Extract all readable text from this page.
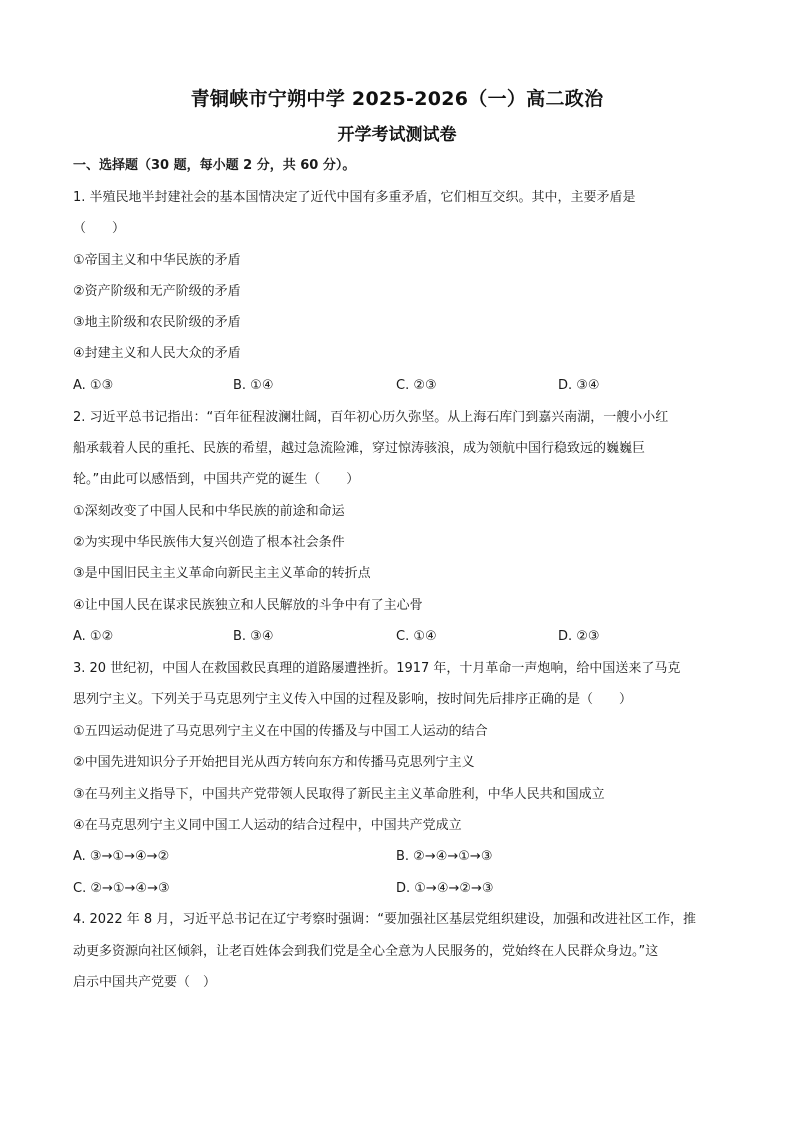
青铜峡市宁朔中学 2025-2026（一）高二政治
开学考试测试卷
一、选择题（30 题，每小题 2 分，共 60 分）。
1. 半殖民地半封建社会的基本国情决定了近代中国有多重矛盾，它们相互交织。其中，主要矛盾是
（　　）
①帝国主义和中华民族的矛盾
②资产阶级和无产阶级的矛盾
③地主阶级和农民阶级的矛盾
④封建主义和人民大众的矛盾
A. ①③	B. ①④	C. ②③	D. ③④
2. 习近平总书记指出：“百年征程波澜壮阔，百年初心历久弥坚。从上海石库门到嘉兴南湖，一艘小小红
船承载着人民的重托、民族的希望，越过急流险滩，穿过惊涛骇浪，成为领航中国行稳致远的巍巍巨
轮。”由此可以感悟到，中国共产党的诞生（　　）
①深刻改变了中国人民和中华民族的前途和命运
②为实现中华民族伟大复兴创造了根本社会条件
③是中国旧民主主义革命向新民主主义革命的转折点
④让中国人民在谋求民族独立和人民解放的斗争中有了主心骨
A. ①②	B. ③④	C. ①④	D. ②③
3. 20 世纪初，中国人在救国救民真理的道路屡遭挫折。1917 年，十月革命一声炮响，给中国送来了马克
思列宁主义。下列关于马克思列宁主义传入中国的过程及影响，按时间先后排序正确的是（　　）
①五四运动促进了马克思列宁主义在中国的传播及与中国工人运动的结合
②中国先进知识分子开始把目光从西方转向东方和传播马克思列宁主义
③在马列主义指导下，中国共产党带领人民取得了新民主主义革命胜利，中华人民共和国成立
④在马克思列宁主义同中国工人运动的结合过程中，中国共产党成立
A. ③→①→④→②	B. ②→④→①→③
C. ②→①→④→③	D. ①→④→②→③
4. 2022 年 8 月，习近平总书记在辽宁考察时强调：“要加强社区基层党组织建设，加强和改进社区工作，推
动更多资源向社区倾斜，让老百姓体会到我们党是全心全意为人民服务的，党始终在人民群众身边。”这
启示中国共产党要（　）
